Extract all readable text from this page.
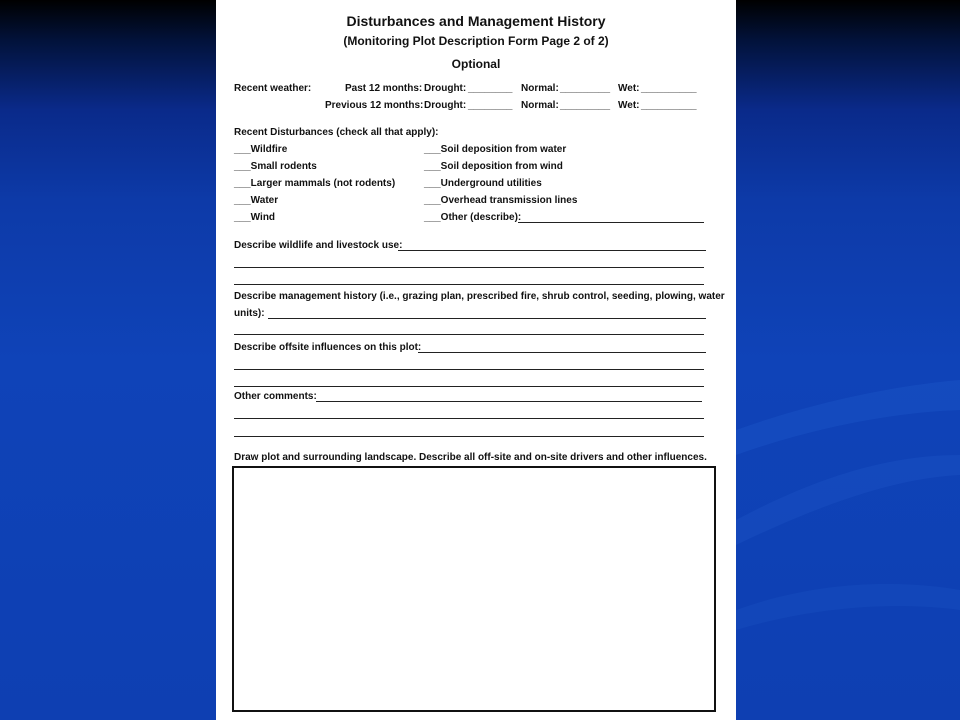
Disturbances and Management History
(Monitoring Plot Description Form Page 2 of 2)
Optional
Recent weather:	Past 12 months: Drought: ________ Normal: _________ Wet: __________
Previous 12 months: Drought: ________ Normal: _________ Wet: __________
Recent Disturbances (check all that apply):
___Wildfire
___Small rodents
___Larger mammals (not rodents)
___Water
___Wind
___Soil deposition from water
___Soil deposition from wind
___Underground utilities
___Overhead transmission lines
___Other (describe):
Describe wildlife and livestock use:
Describe management history (i.e., grazing plan, prescribed fire, shrub control, seeding, plowing, water
units):
Describe offsite influences on this plot:
Other comments:
Draw plot and surrounding landscape. Describe all off-site and on-site drivers and other influences.
